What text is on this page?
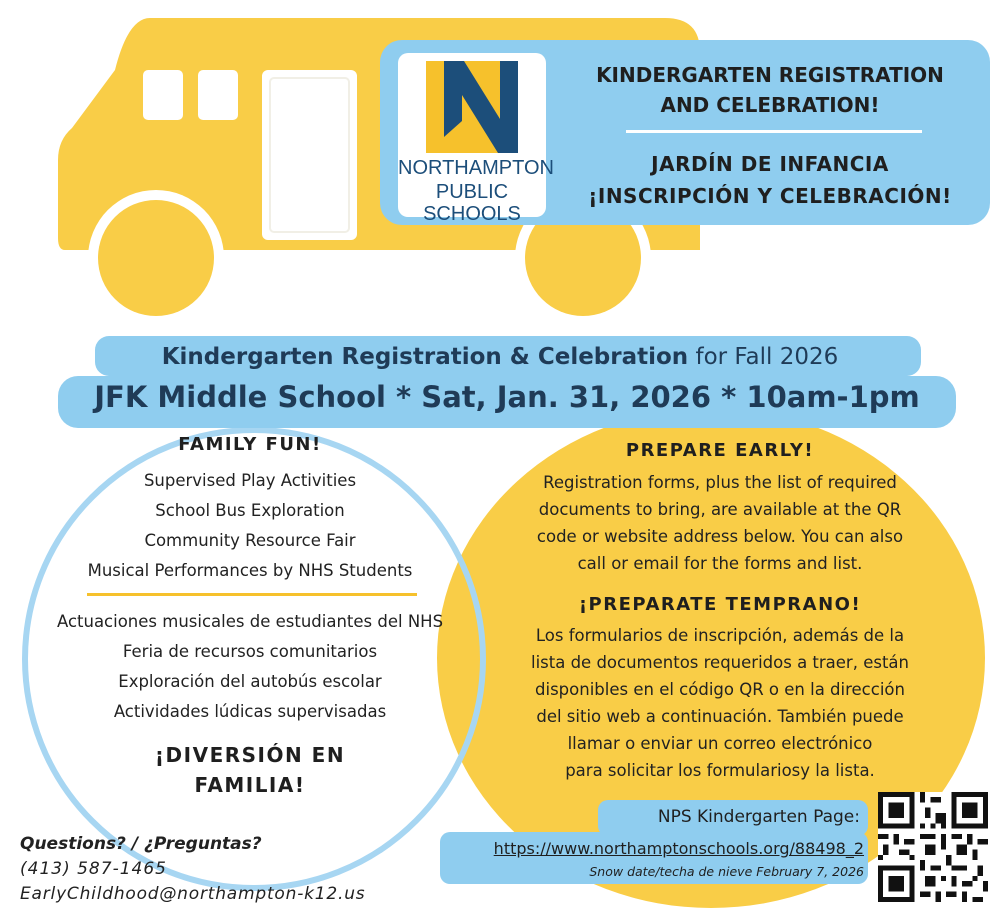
NORTHAMPTON
PUBLIC SCHOOLS
KINDERGARTEN REGISTRATION
AND CELEBRATION!
JARDÍN DE INFANCIA
¡INSCRIPCIÓN Y CELEBRACIÓN!
Kindergarten Registration & Celebration for Fall 2026
JFK Middle School * Sat, Jan. 31, 2026 * 10am-1pm
FAMILY FUN!
Supervised Play Activities
School Bus Exploration
Community Resource Fair
Musical Performances by NHS Students
Actuaciones musicales de estudiantes del NHS
Feria de recursos comunitarios
Exploración del autobús escolar
Actividades lúdicas supervisadas
¡DIVERSIÓN EN
FAMILIA!
PREPARE EARLY!
Registration forms, plus the list of required
documents to bring, are available at the QR
code or website address below. You can also
call or email for the forms and list.
¡PREPARATE TEMPRANO!
Los formularios de inscripción, además de la
lista de documentos requeridos a traer, están
disponibles en el código QR o en la dirección
del sitio web a continuación. También puede
llamar o enviar un correo electrónico
para solicitar los formulariosy la lista.
NPS Kindergarten Page:
https://www.northamptonschools.org/88498_2
Snow date/techa de nieve February 7, 2026
Questions? / ¿Preguntas?
(413) 587-1465
EarlyChildhood@northampton-k12.us
